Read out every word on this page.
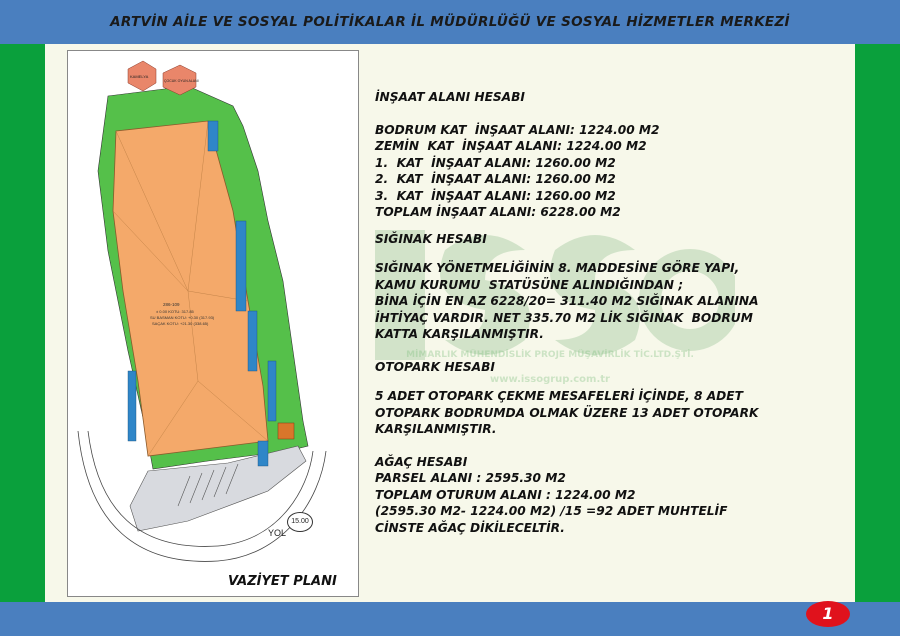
ARTVİN AİLE VE SOSYAL POLİTİKALAR İL MÜDÜRLÜĞÜ VE SOSYAL HİZMETLER MERKEZİ
MİMARLIK MÜHENDİSLİK PROJE MÜŞAVİRLİK TİC.LTD.ŞTİ.
www.issogrup.com.tr
286-109
± 0.00 KOTU: 317.85
SU BASMAN KOTU: +0.30 (317.93)
SAÇAK KOTU: +21.30 (338.65)
KAMELYA
ÇOCUK OYUN ALANI
15.00
YOL
VAZİYET PLANI
İNŞAAT ALANI HESABI
BODRUM KAT  İNŞAAT ALANI: 1224.00 M2
ZEMİN  KAT  İNŞAAT ALANI: 1224.00 M2
1.  KAT  İNŞAAT ALANI: 1260.00 M2
2.  KAT  İNŞAAT ALANI: 1260.00 M2
3.  KAT  İNŞAAT ALANI: 1260.00 M2
TOPLAM İNŞAAT ALANI: 6228.00 M2
SIĞINAK HESABI
SIĞINAK YÖNETMELİĞİNİN 8. MADDESİNE GÖRE YAPI,
KAMU KURUMU  STATÜSÜNE ALINDIĞINDAN ;
BİNA İÇİN EN AZ 6228/20= 311.40 M2 SIĞINAK ALANINA
İHTİYAÇ VARDIR. NET 335.70 M2 LİK SIĞINAK  BODRUM
KATTA KARŞILANMIŞTIR.
OTOPARK HESABI
5 ADET OTOPARK ÇEKME MESAFELERİ İÇİNDE, 8 ADET
OTOPARK BODRUMDA OLMAK ÜZERE 13 ADET OTOPARK
KARŞILANMIŞTIR.
AĞAÇ HESABI
PARSEL ALANI : 2595.30 M2
TOPLAM OTURUM ALANI : 1224.00 M2
(2595.30 M2- 1224.00 M2) /15 =92 ADET MUHTELİF
CİNSTE AĞAÇ DİKİLECELTİR.
1
